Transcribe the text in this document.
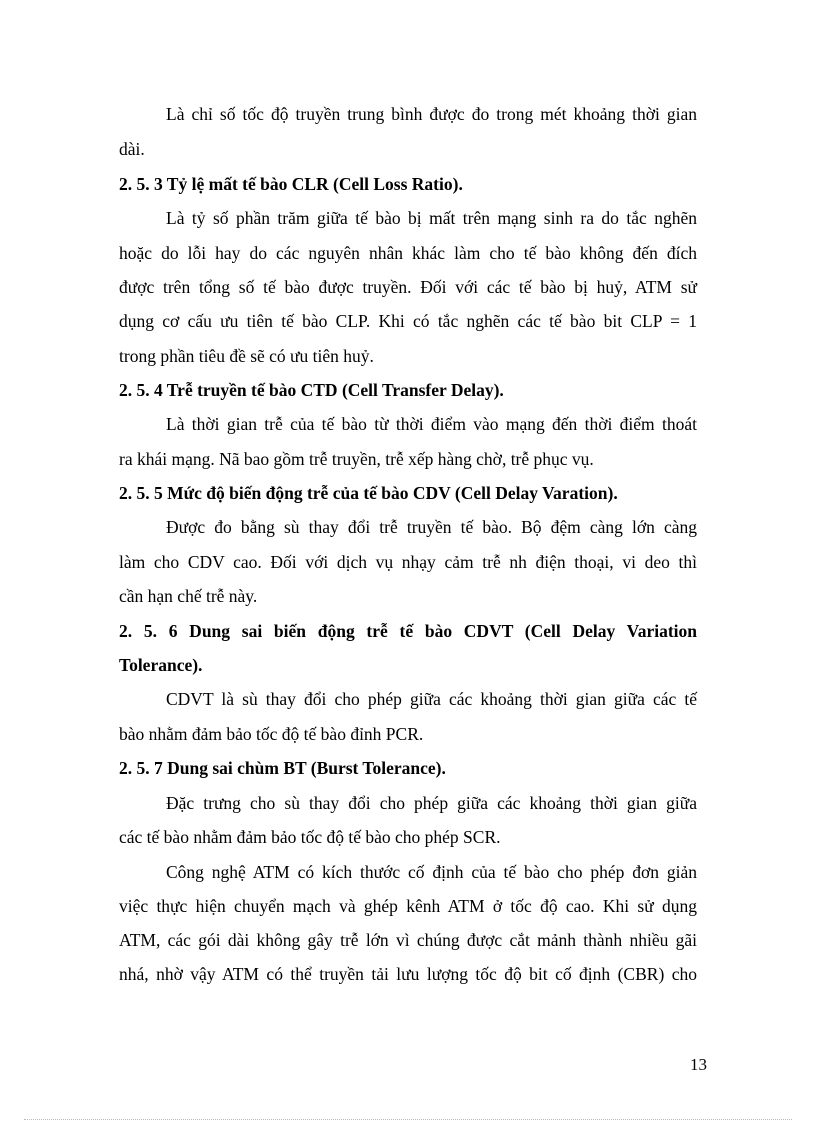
Là chỉ số tốc độ truyền trung bình được đo trong mét khoảng thời gian
dài.
2. 5. 3 Tỷ lệ mất tế bào CLR (Cell Loss Ratio).
Là tỷ số phần trăm giữa tế bào bị mất trên mạng sinh ra do tắc nghẽn
hoặc do lỗi hay do các nguyên nhân khác làm cho tế bào không đến đích
được trên tổng số tế bào được truyền. Đối với các tế bào bị huỷ, ATM sử
dụng cơ cấu ưu tiên tế bào CLP. Khi có tắc nghẽn các tế bào bit CLP = 1
trong phần tiêu đề sẽ có ưu tiên huỷ.
2. 5. 4 Trễ truyền tế bào CTD (Cell Transfer Delay).
Là thời gian trễ của tế bào từ thời điểm vào mạng đến thời điểm thoát
ra khái mạng. Nã bao gồm trễ truyền, trễ xếp hàng chờ, trễ phục vụ.
2. 5. 5 Mức độ biến động trễ của tế bào CDV (Cell Delay Varation).
Được đo bằng sù thay đổi trễ truyền tế bào. Bộ đệm càng lớn càng
làm cho CDV cao. Đối với dịch vụ nhạy cảm trễ nh điện thoại, vi deo thì
cần hạn chế trễ này.
2. 5. 6 Dung sai biến động trễ tế bào CDVT (Cell Delay Variation
Tolerance).
CDVT là sù thay đổi cho phép giữa các khoảng thời gian giữa các tế
bào nhằm đảm bảo tốc độ tế bào đỉnh PCR.
2. 5. 7 Dung sai chùm BT (Burst Tolerance).
Đặc trưng cho sù thay đổi cho phép giữa các khoảng thời gian giữa
các tế bào nhằm đảm bảo tốc độ tế bào cho phép SCR.
Công nghệ ATM có kích thước cố định của tế bào cho phép đơn giản
việc thực hiện chuyển mạch và ghép kênh ATM ở tốc độ cao. Khi sử dụng
ATM, các gói dài không gây trễ lớn vì chúng được cắt mảnh thành nhiều gãi
nhá, nhờ vậy ATM có thể truyền tải lưu lượng tốc độ bit cố định (CBR) cho
13
